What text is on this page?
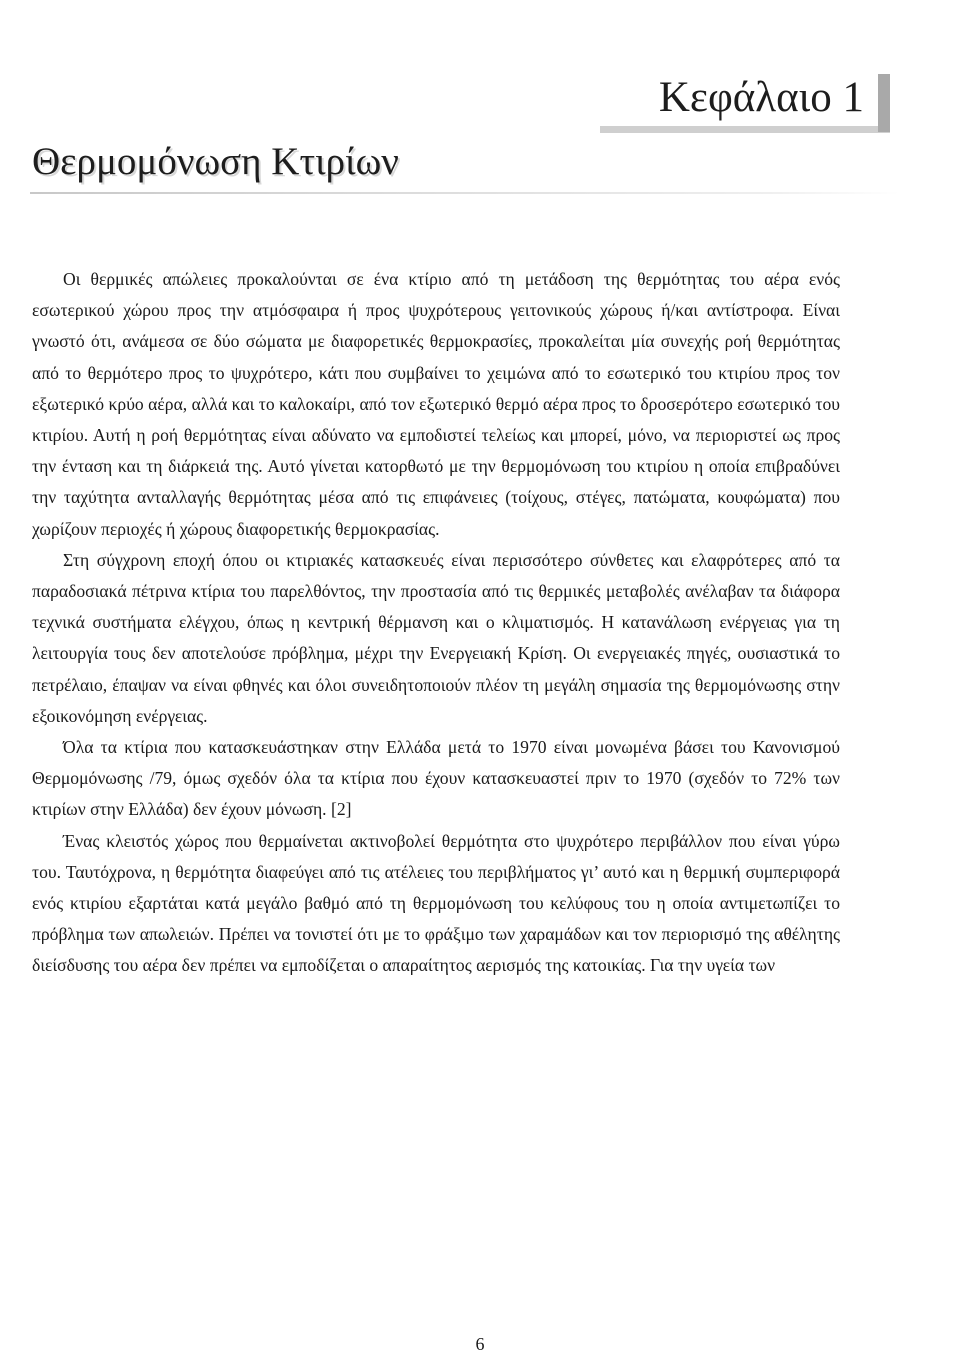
Κεφάλαιο 1
Θερμομόνωση Κτιρίων

Οι θερμικές απώλειες προκαλούνται σε ένα κτίριο από τη μετάδοση της θερμότητας του αέρα ενός εσωτερικού χώρου προς την ατμόσφαιρα ή προς ψυχρότερους γειτονικούς χώρους ή/και αντίστροφα. Είναι γνωστό ότι, ανάμεσα σε δύο σώματα με διαφορετικές θερμοκρασίες, προκαλείται μία συνεχής ροή θερμότητας από το θερμότερο προς το ψυχρότερο, κάτι που συμβαίνει το χειμώνα από το εσωτερικό του κτιρίου προς τον εξωτερικό κρύο αέρα, αλλά και το καλοκαίρι, από τον εξωτερικό θερμό αέρα προς το δροσερότερο εσωτερικό του κτιρίου. Αυτή η ροή θερμότητας είναι αδύνατο να εμποδιστεί τελείως και μπορεί, μόνο, να περιοριστεί ως προς την ένταση και τη διάρκειά της. Αυτό γίνεται κατορθωτό με την θερμομόνωση του κτιρίου η οποία επιβραδύνει την ταχύτητα ανταλλαγής θερμότητας μέσα από τις επιφάνειες (τοίχους, στέγες, πατώματα, κουφώματα) που χωρίζουν περιοχές ή χώρους διαφορετικής θερμοκρασίας.

Στη σύγχρονη εποχή όπου οι κτιριακές κατασκευές είναι περισσότερο σύνθετες και ελαφρότερες από τα παραδοσιακά πέτρινα κτίρια του παρελθόντος, την προστασία από τις θερμικές μεταβολές ανέλαβαν τα διάφορα τεχνικά συστήματα ελέγχου, όπως η κεντρική θέρμανση και ο κλιματισμός. Η κατανάλωση ενέργειας για τη λειτουργία τους δεν αποτελούσε πρόβλημα, μέχρι την Ενεργειακή Κρίση. Οι ενεργειακές πηγές, ουσιαστικά το πετρέλαιο, έπαψαν να είναι φθηνές και όλοι συνειδητοποιούν πλέον τη μεγάλη σημασία της θερμομόνωσης στην εξοικονόμηση ενέργειας.

Όλα τα κτίρια που κατασκευάστηκαν στην Ελλάδα μετά το 1970 είναι μονωμένα βάσει του Κανονισμού Θερμομόνωσης /79, όμως σχεδόν όλα τα κτίρια που έχουν κατασκευαστεί πριν το 1970 (σχεδόν το 72% των κτιρίων στην Ελλάδα) δεν έχουν μόνωση. [2]

Ένας κλειστός χώρος που θερμαίνεται ακτινοβολεί θερμότητα στο ψυχρότερο περιβάλλον που είναι γύρω του. Ταυτόχρονα, η θερμότητα διαφεύγει από τις ατέλειες του περιβλήματος γι’ αυτό και η θερμική συμπεριφορά ενός κτιρίου εξαρτάται κατά μεγάλο βαθμό από τη θερμομόνωση του κελύφους του η οποία αντιμετωπίζει το πρόβλημα των απωλειών. Πρέπει να τονιστεί ότι με το φράξιμο των χαραμάδων και τον περιορισμό της αθέλητης διείσδυσης του αέρα δεν πρέπει να εμποδίζεται ο απαραίτητος αερισμός της κατοικίας. Για την υγεία των

6
